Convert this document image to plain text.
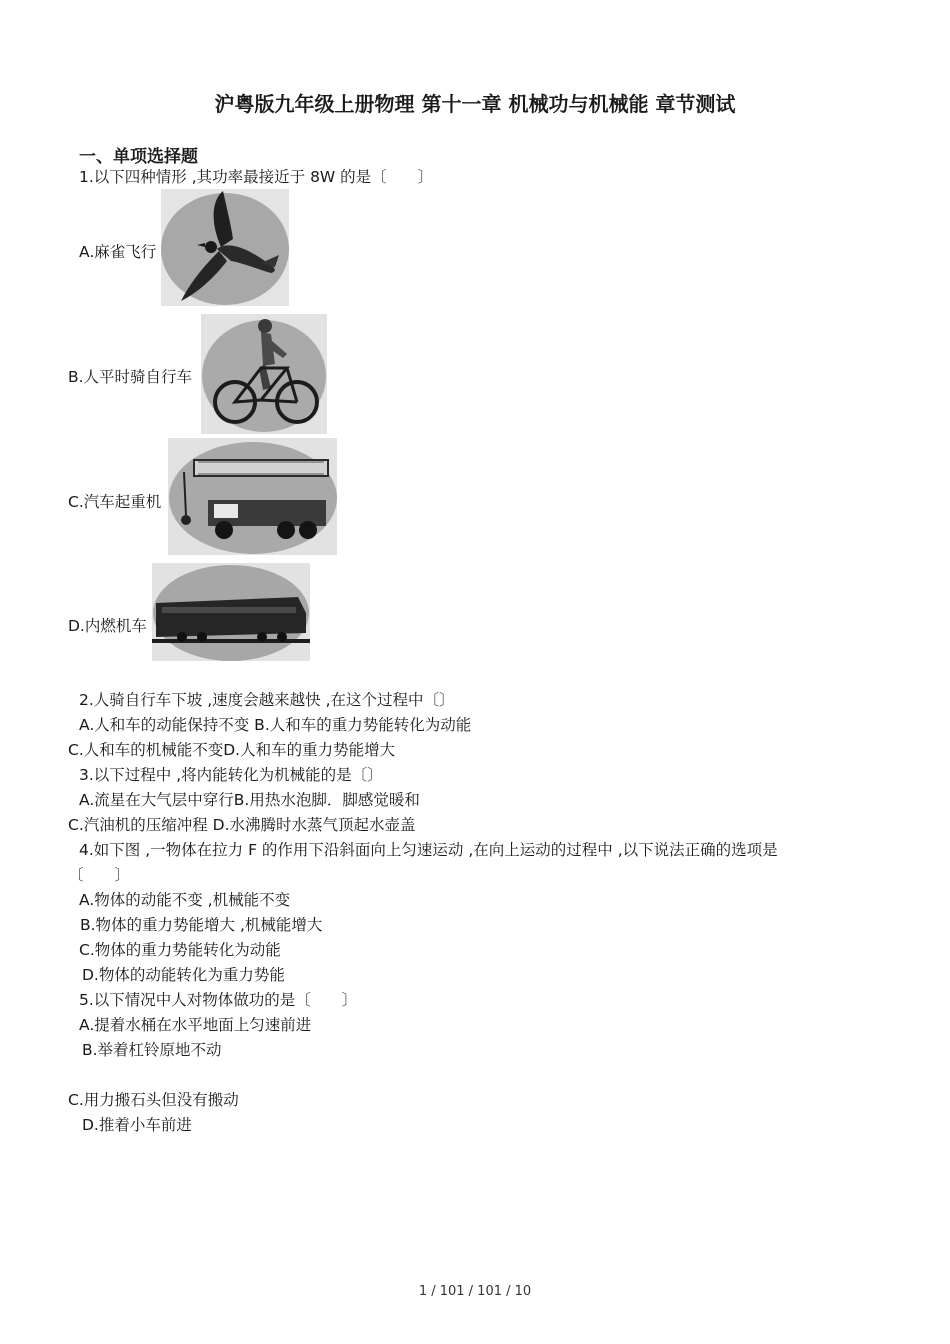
沪粤版九年级上册物理 第十一章 机械功与机械能 章节测试
一、单项选择题
1.以下四种情形 ,其功率最接近于 8W 的是〔　　〕
A.麻雀飞行
B.人平时骑自行车
C.汽车起重机
D.内燃机车
2.人骑自行车下坡 ,速度会越来越快 ,在这个过程中〔〕
A.人和车的动能保持不变 B.人和车的重力势能转化为动能
C.人和车的机械能不变D.人和车的重力势能增大
3.以下过程中 ,将内能转化为机械能的是〔〕
A.流星在大气层中穿行B.用热水泡脚．脚感觉暖和
C.汽油机的压缩冲程 D.水沸腾时水蒸气顶起水壶盖
4.如下图 ,一物体在拉力 F 的作用下沿斜面向上匀速运动 ,在向上运动的过程中 ,以下说法正确的选项是
〔　　〕
A.物体的动能不变 ,机械能不变
B.物体的重力势能增大 ,机械能增大
C.物体的重力势能转化为动能
D.物体的动能转化为重力势能
5.以下情况中人对物体做功的是〔　　〕
A.提着水桶在水平地面上匀速前进
B.举着杠铃原地不动
C.用力搬石头但没有搬动
D.推着小车前进
1 / 101 / 101 / 10
